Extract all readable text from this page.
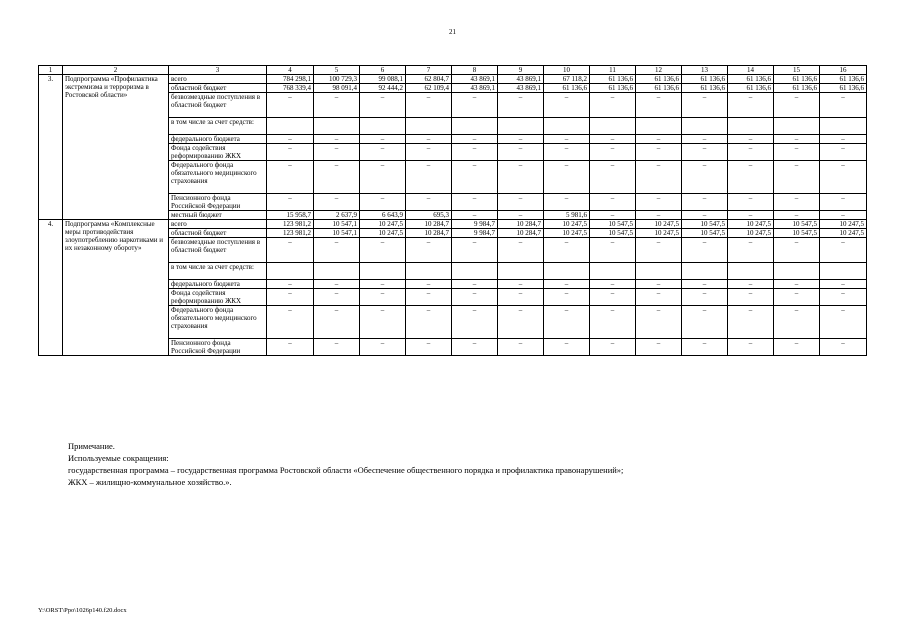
21
1	2	3	4	5	6	7	8	9	10	11	12	13	14	15	16
3.	Подпрограмма «Профилактика экстремизма и терроризма в Ростовской области»	всего	784 298,1	100 729,3	99 088,1	62 804,7	43 869,1	43 869,1	67 118,2	61 136,6	61 136,6	61 136,6	61 136,6	61 136,6	61 136,6
		областной бюджет	768 339,4	98 091,4	92 444,2	62 109,4	43 869,1	43 869,1	61 136,6	61 136,6	61 136,6	61 136,6	61 136,6	61 136,6	61 136,6
		безвозмездные поступления в областной бюджет	–	–	–	–	–	–	–	–	–	–	–	–	–
		в том числе за счет средств:													
		федерального бюджета	–	–	–	–	–	–	–	–	–	–	–	–	–
		Фонда содействия реформированию ЖКХ	–	–	–	–	–	–	–	–	–	–	–	–	–
		Федерального фонда обязательного медицинского страхования	–	–	–	–	–	–	–	–	–	–	–	–	–
		Пенсионного фонда Российской Федерации	–	–	–	–	–	–	–	–	–	–	–	–	–
		местный бюджет	15 958,7	2 637,9	6 643,9	695,3	–	–	5 981,6	–	–	–	–	–	–
4.	Подпрограмма «Комплексные меры противодействия злоупотреблению наркотиками и их незаконному обороту»	всего	123 981,2	10 547,1	10 247,5	10 284,7	9 984,7	10 284,7	10 247,5	10 547,5	10 247,5	10 547,5	10 247,5	10 547,5	10 247,5
		областной бюджет	123 981,2	10 547,1	10 247,5	10 284,7	9 984,7	10 284,7	10 247,5	10 547,5	10 247,5	10 547,5	10 247,5	10 547,5	10 247,5
		безвозмездные поступления в областной бюджет	–	–	–	–	–	–	–	–	–	–	–	–	–
		в том числе за счет средств:													
		федерального бюджета	–	–	–	–	–	–	–	–	–	–	–	–	–
		Фонда содействия реформированию ЖКХ	–	–	–	–	–	–	–	–	–	–	–	–	–
		Федерального фонда обязательного медицинского страхования	–	–	–	–	–	–	–	–	–	–	–	–	–
		Пенсионного фонда Российской Федерации	–	–	–	–	–	–	–	–	–	–	–	–	–
Примечание.
Используемые сокращения:
государственная программа – государственная программа Ростовской области «Обеспечение общественного порядка и профилактика правонарушений»;
ЖКХ – жилищно-коммунальное хозяйство.».
Y:\ORST\Ppo\1026p140.f20.docx
